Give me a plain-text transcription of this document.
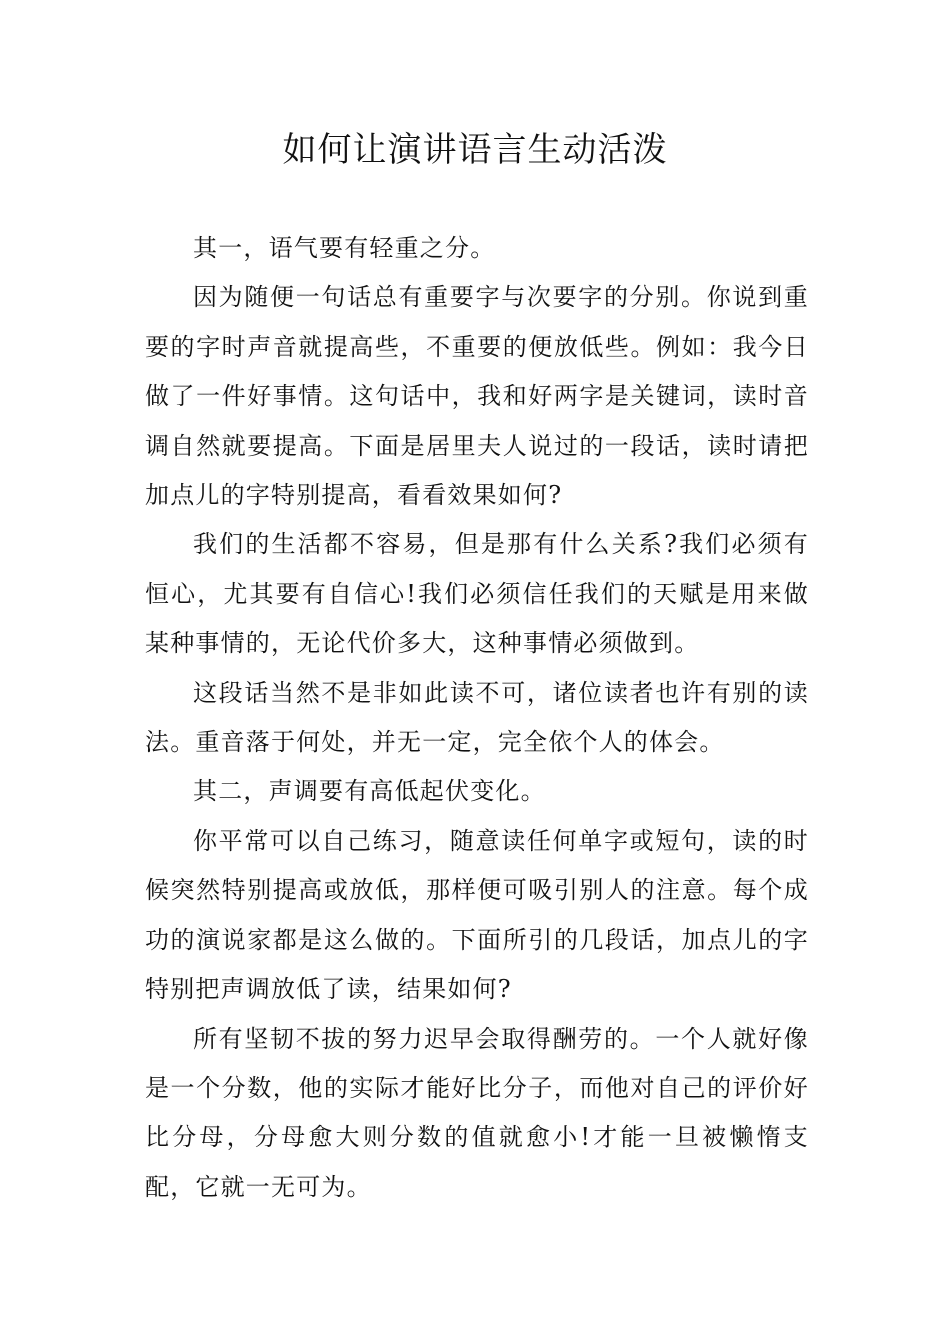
如何让演讲语言生动活泼

其一，语气要有轻重之分。

因为随便一句话总有重要字与次要字的分别。你说到重要的字时声音就提高些，不重要的便放低些。例如：我今日做了一件好事情。这句话中，我和好两字是关键词，读时音调自然就要提高。下面是居里夫人说过的一段话，读时请把加点儿的字特别提高，看看效果如何?

我们的生活都不容易，但是那有什么关系?我们必须有恒心，尤其要有自信心!我们必须信任我们的天赋是用来做某种事情的，无论代价多大，这种事情必须做到。

这段话当然不是非如此读不可，诸位读者也许有别的读法。重音落于何处，并无一定，完全依个人的体会。

其二，声调要有高低起伏变化。

你平常可以自己练习，随意读任何单字或短句，读的时候突然特别提高或放低，那样便可吸引别人的注意。每个成功的演说家都是这么做的。下面所引的几段话，加点儿的字特别把声调放低了读，结果如何?

所有坚韧不拔的努力迟早会取得酬劳的。一个人就好像是一个分数，他的实际才能好比分子，而他对自己的评价好比分母，分母愈大则分数的值就愈小!才能一旦被懒惰支配，它就一无可为。
